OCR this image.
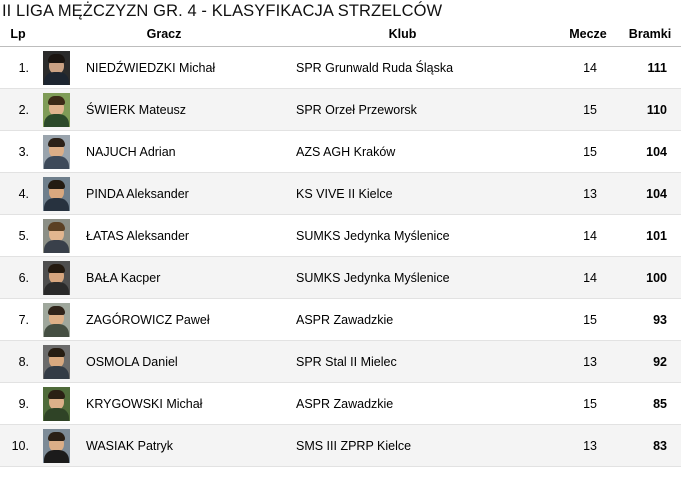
II LIGA MĘŻCZYZN GR. 4 - KLASYFIKACJA STRZELCÓW
Lp		Gracz	Klub	Mecze	Bramki
1.		NIEDŹWIEDZKI Michał	SPR Grunwald Ruda Śląska	14	111
2.		ŚWIERK Mateusz	SPR Orzeł Przeworsk	15	110
3.		NAJUCH Adrian	AZS AGH Kraków	15	104
4.		PINDA Aleksander	KS VIVE II Kielce	13	104
5.		ŁATAS Aleksander	SUMKS Jedynka Myślenice	14	101
6.		BAŁA Kacper	SUMKS Jedynka Myślenice	14	100
7.		ZAGÓROWICZ Paweł	ASPR Zawadzkie	15	93
8.		OSMOLA Daniel	SPR Stal II Mielec	13	92
9.		KRYGOWSKI Michał	ASPR Zawadzkie	15	85
10.		WASIAK Patryk	SMS III ZPRP Kielce	13	83
